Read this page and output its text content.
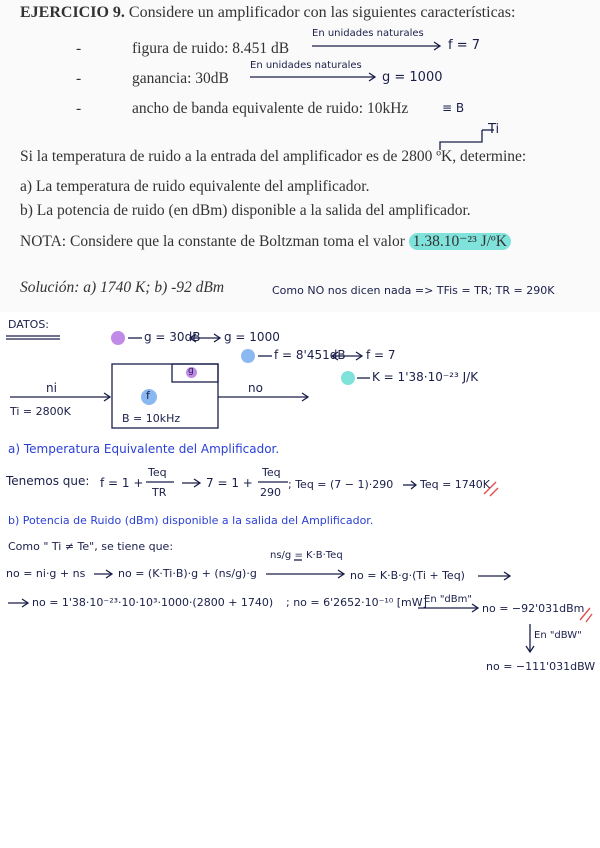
EJERCICIO 9. Considere un amplificador con las siguientes características:
-	figura de ruido: 8.451 dB
En unidades naturales
f = 7
-	ganancia: 30dB
En unidades naturales
g = 1000
-	ancho de banda equivalente de ruido: 10kHz	≡ B
Ti
Si la temperatura de ruido a la entrada del amplificador es de 2800 ºK, determine:
a) La temperatura de ruido equivalente del amplificador.
b) La potencia de ruido (en dBm) disponible a la salida del amplificador.
NOTA: Considere que la constante de Boltzman toma el valor 1.38.10⁻²³ J/ºK
Solución: a) 1740 K; b) -92 dBm	Como NO nos dicen nada => TFis = TR; TR = 290K
DATOS:
g = 30dB g = 1000
f = 8'451dB f = 7
K = 1'38·10⁻²³ J/K
ni	no
Ti = 2800K
f
g
B = 10kHz
a) Temperatura Equivalente del Amplificador.
Tenemos que: f = 1 +
Teq
TR
7 = 1 +
Teq
290
; Teq = (7 − 1)·290 Teq = 1740K
b) Potencia de Ruido (dBm) disponible a la salida del Amplificador.
Como " Ti ≠ Te", se tiene que:
no = ni·g + ns	no = (K·Ti·B)·g + (ns/g)·g
ns/g = K·B·Teq
no = K·B·g·(Ti + Teq)
no = 1'38·10⁻²³·10·10³·1000·(2800 + 1740) ; no = 6'2652·10⁻¹⁰ [mW]
En "dBm"
no = −92'031dBm
En "dBW"
no = −111'031dBW
